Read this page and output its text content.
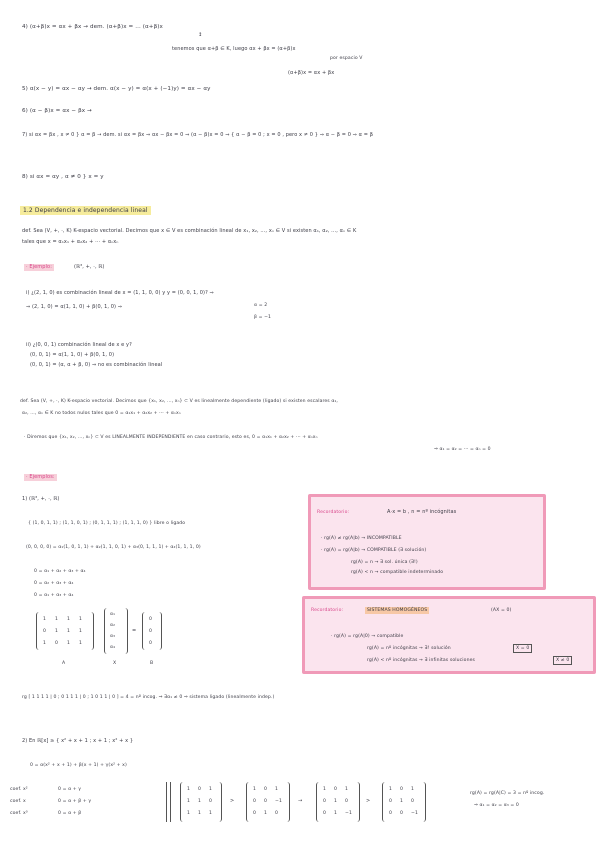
4) (α+β)x = αx + βx → dem. (α+β)x = ... (α+β)x
↕
tenemos que α+β ∈ K, luego αx + βx = (α+β)x
por espacio V
(α+β)x = αx + βx
5) α(x − y) = αx − αy → dem. α(x − y) = α(x + (−1)y) = αx − αy
6) (α − β)x = αx − βx →
7) si αx = βx , x ≠ 0 } α = β → dem. si αx = βx ⇒ αx − βx = 0 ⇒ (α − β)x = 0 ⇒ { α − β = 0 ; x = 0 , pero x ≠ 0 } ⇒ α − β = 0 ⇒ α = β
8) si αx = αy , α ≠ 0 } x = y
1.2 Dependencia e independencia lineal
def. Sea (V, +, ·, K) K-espacio vectorial. Decimos que x ∈ V es combinación lineal de x₁, x₂, ..., xₙ ∈ V si existen α₁, α₂, ..., αₙ ∈ K
tales que x = α₁x₁ + α₂x₂ + ··· + αₙxₙ
· Ejemplo:	(ℝ³, +, ·, ℝ)
i) ¿(2, 1, 0) es combinación lineal de x = (1, 1, 0, 0) y y = (0, 0, 1, 0)? ⇒
⇒ (2, 1, 0) = α(1, 1, 0) + β(0, 1, 0) ⇒	α = 2
β = −1
ii) ¿(0, 0, 1) combinación lineal de x e y?
(0, 0, 1) = α(1, 1, 0) + β(0, 1, 0)
(0, 0, 1) = (α, α + β, 0) ⇒ no es combinación lineal
def. Sea (V, +, ·, K) K-espacio vectorial. Decimos que {x₁, x₂, ..., xₙ} ⊂ V es linealmente dependiente (ligado) si existen escalares α₁,
α₂, ..., αₙ ∈ K no todos nulos tales que 0 = α₁x₁ + α₂x₂ + ··· + αₙxₙ
· Diremos que {x₁, x₂, ..., xₙ} ⊂ V es LINEALMENTE INDEPENDIENTE en caso contrario, esto es, 0 = α₁x₁ + α₂x₂ + ··· + αₙxₙ
⇒ α₁ = α₂ = ··· = αₙ = 0
· Ejemplos:
1) (ℝ³, +, ·, ℝ)
{ (1, 0, 1, 1) ; (1, 1, 0, 1) ; (0, 1, 1, 1) ; (1, 1, 1, 0) } libre o ligado
(0, 0, 0, 0) = α₁(1, 0, 1, 1) + α₂(1, 1, 0, 1) + α₃(0, 1, 1, 1) + α₄(1, 1, 1, 0)
0 = α₁ + α₂ + α₃ + α₄
0 = α₂ + α₃ + α₄
0 = α₁ + α₃ + α₄
1 1 1 1
0 1 1 1
1 0 1 1
α₁
α₂
α₃
α₄
=
0
0
0
A	X	B
rg [ 1 1 1 1 | 0 ; 0 1 1 1 | 0 ; 1 0 1 1 | 0 ] = 4 = nº incog. ⇒ ∃α₁ ≠ 0 ⇒ sistema ligado (linealmente indep.)
2) En ℝ[x] ≥ { x² + x + 1 ; x + 1 ; x² + x }
0 = α(x² + x + 1) + β(x + 1) + γ(x² + x)
coef. x²
coef. x
coef. x⁰
0 = α + γ
0 = α + β + γ
0 = α + β
1 0 1
1 1 0
1 1 1
>
1 0 1
0 0 −1
0 1 0
→
1 0 1
0 1 0
0 1 −1
>
1 0 1
0 1 0
0 0 −1
rg(A) = rg(A|C) = 3 = nº incog.
⇒ α₁ = α₂ = α₃ = 0
Recordatorio:	A·x = b , n = nº incógnitas
· rg(A) ≠ rg(A|b) → INCOMPATIBLE
· rg(A) = rg(A|b) → COMPATIBLE (∃ solución)
rg(A) = n → ∃ sol. única (∃!)
rg(A) < n → compatible indeterminado
Recordatorio:	SISTEMAS HOMOGÉNEOS	(AX = 0)
· rg(A) = rg(A|0) → compatible
rg(A) = nº incógnitas → ∃! solución	X = 0
rg(A) < nº incógnitas → ∃ infinitas soluciones	X ≠ 0
